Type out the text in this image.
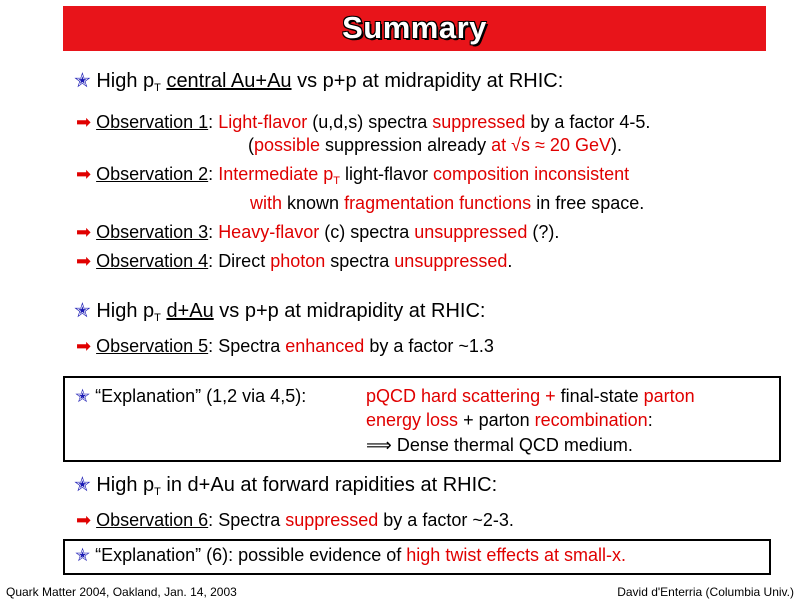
Summary
✭ High $p_T$ central Au+Au vs p+p at midrapidity at RHIC:
➡ Observation 1: Light-flavor (u,d,s) spectra suppressed by a factor 4-5.
(possible suppression already at √s ≈ 20 GeV).
➡ Observation 2: Intermediate $p_T$ light-flavor composition inconsistent
with known fragmentation functions in free space.
➡ Observation 3: Heavy-flavor (c) spectra unsuppressed (?).
➡ Observation 4: Direct photon spectra unsuppressed.
✭ High $p_T$ d+Au vs p+p at midrapidity at RHIC:
➡ Observation 5: Spectra enhanced by a factor ~1.3
✭ “Explanation” (1,2 via 4,5):	pQCD hard scattering + final-state parton
energy loss + parton recombination:
⟹ Dense thermal QCD medium.
✭ High $p_T$ in d+Au at forward rapidities at RHIC:
➡ Observation 6: Spectra suppressed by a factor ~2-3.
✭ “Explanation” (6): possible evidence of high twist effects at small-x.
Quark Matter 2004, Oakland, Jan. 14, 2003	David d'Enterria (Columbia Univ.)
